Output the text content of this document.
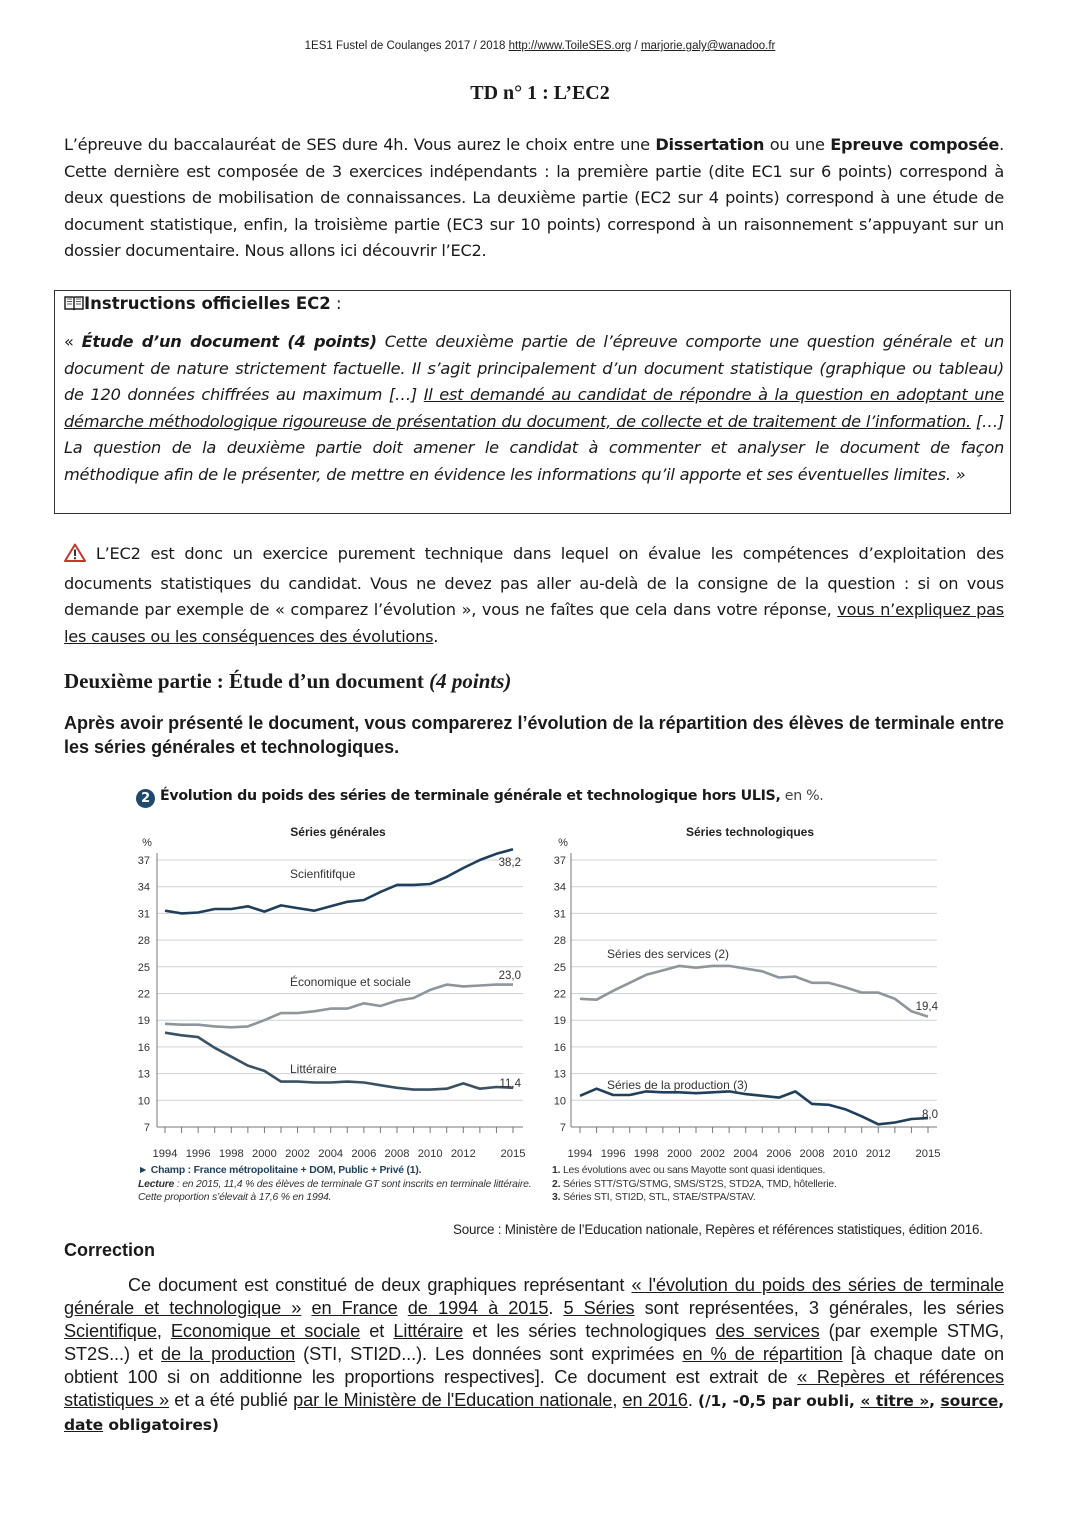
1ES1 Fustel de Coulanges 2017 / 2018 http://www.ToileSES.org / marjorie.galy@wanadoo.fr
TD n° 1 : L’EC2
L’épreuve du baccalauréat de SES dure 4h. Vous aurez le choix entre une Dissertation ou une Epreuve composée. Cette dernière est composée de 3 exercices indépendants : la première partie (dite EC1 sur 6 points) correspond à deux questions de mobilisation de connaissances. La deuxième partie (EC2 sur 4 points) correspond à une étude de document statistique, enfin, la troisième partie (EC3 sur 10 points) correspond à un raisonnement s’appuyant sur un dossier documentaire. Nous allons ici découvrir l’EC2.
Instructions officielles EC2 :
« Étude d’un document (4 points) Cette deuxième partie de l’épreuve comporte une question générale et un document de nature strictement factuelle. Il s’agit principalement d’un document statistique (graphique ou tableau) de 120 données chiffrées au maximum […] Il est demandé au candidat de répondre à la question en adoptant une démarche méthodologique rigoureuse de présentation du document, de collecte et de traitement de l’information. […] La question de la deuxième partie doit amener le candidat à commenter et analyser le document de façon méthodique afin de le présenter, de mettre en évidence les informations qu’il apporte et ses éventuelles limites. »
L’EC2 est donc un exercice purement technique dans lequel on évalue les compétences d’exploitation des documents statistiques du candidat. Vous ne devez pas aller au-delà de la consigne de la question : si on vous demande par exemple de « comparez l’évolution », vous ne faîtes que cela dans votre réponse, vous n’expliquez pas les causes ou les conséquences des évolutions.
Deuxième partie : Étude d’un document (4 points)
Après avoir présenté le document, vous comparerez l’évolution de la répartition des élèves de terminale entre les séries générales et technologiques.
2 Évolution du poids des séries de terminale générale et technologique hors ULIS, en %.
Séries générales
%
37
34
31
28
25
22
19
16
13
10
7
1994 1996 1998 2000 2002 2004 2006 2008 2010 2012 2015
Scienfitifque
Économique et sociale
Littéraire
38,2
23,0
11,4
Séries technologiques
%
37
34
31
28
25
22
19
16
13
10
7
1994 1996 1998 2000 2002 2004 2006 2008 2010 2012 2015
Séries des services (2)
Séries de la production (3)
19,4
8,0
► Champ : France métropolitaine + DOM, Public + Privé (1).
Lecture : en 2015, 11,4 % des élèves de terminale GT sont inscrits en terminale littéraire.
Cette proportion s’élevait à 17,6 % en 1994.
1. Les évolutions avec ou sans Mayotte sont quasi identiques.
2. Séries STT/STG/STMG, SMS/ST2S, STD2A, TMD, hôtellerie.
3. Séries STI, STI2D, STL, STAE/STPA/STAV.
Source : Ministère de l’Education nationale, Repères et références statistiques, édition 2016.
Correction
Ce document est constitué de deux graphiques représentant « l'évolution du poids des séries de terminale générale et technologique » en France de 1994 à 2015. 5 Séries sont représentées, 3 générales, les séries Scientifique, Economique et sociale et Littéraire et les séries technologiques des services (par exemple STMG, ST2S...) et de la production (STI, STI2D...). Les données sont exprimées en % de répartition [à chaque date on obtient 100 si on additionne les proportions respectives]. Ce document est extrait de « Repères et références statistiques » et a été publié par le Ministère de l'Education nationale, en 2016. (/1, -0,5 par oubli, « titre », source, date obligatoires)
